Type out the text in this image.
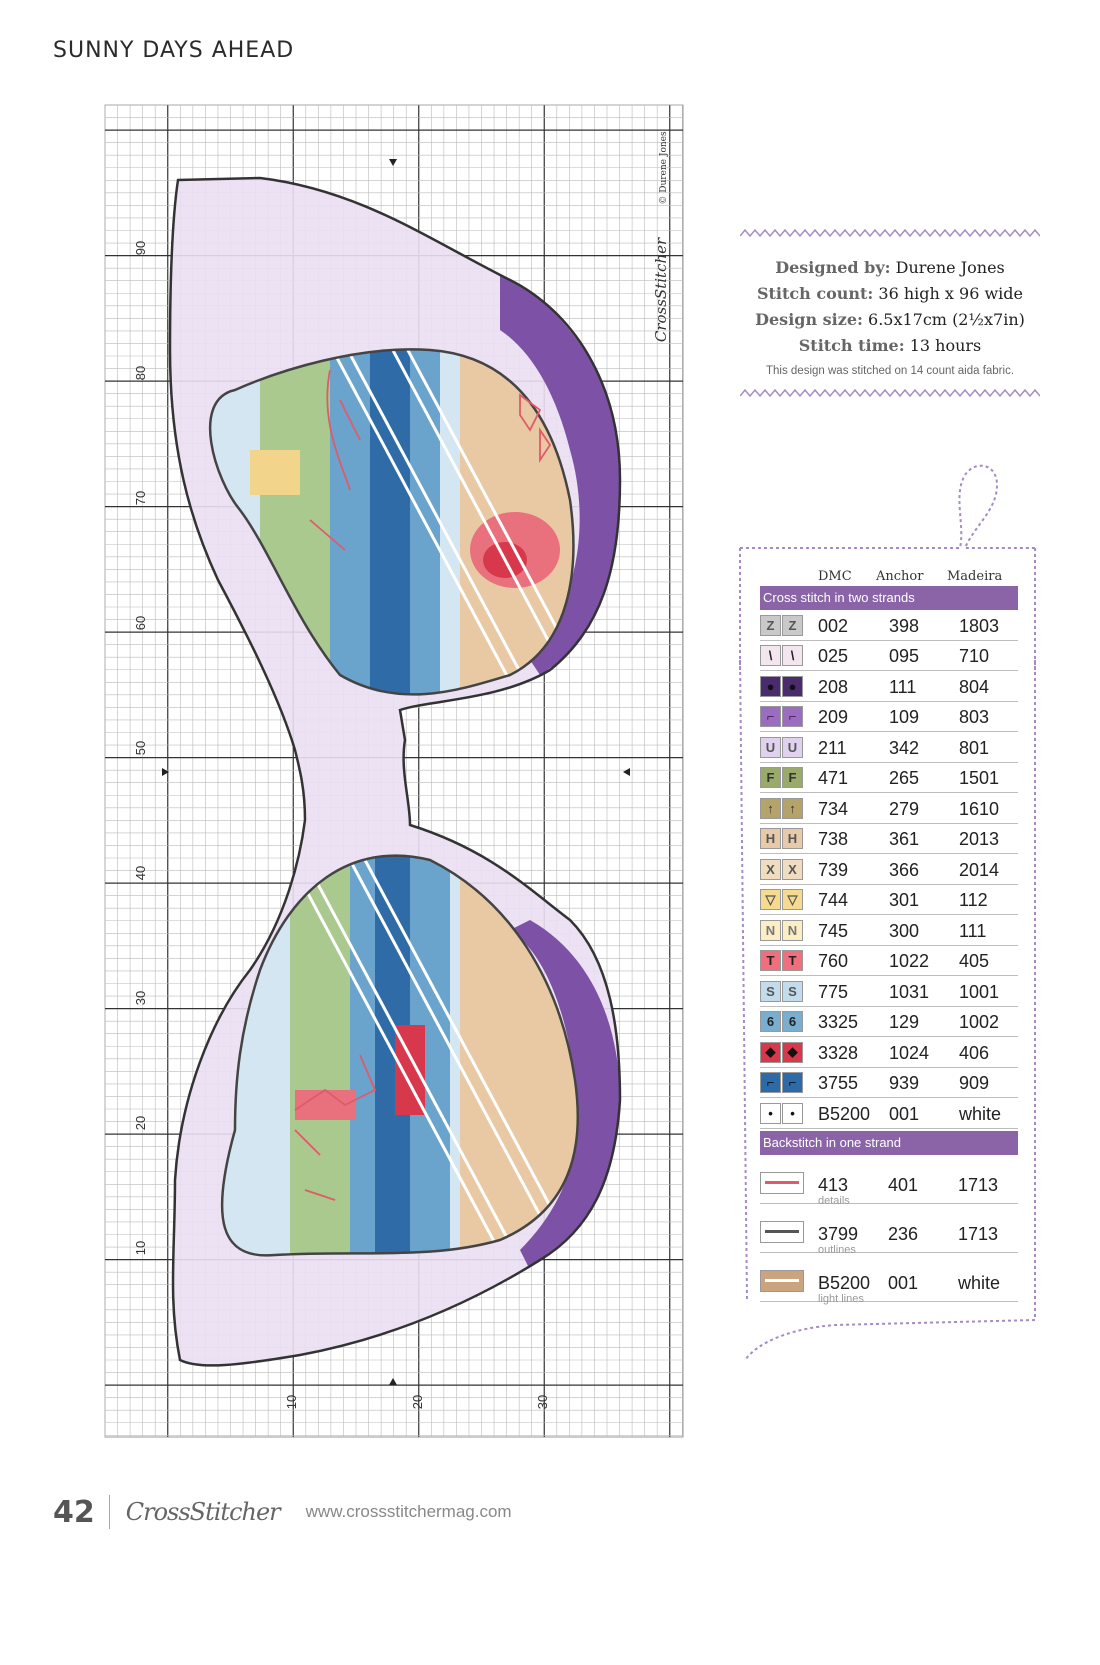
SUNNY DAYS AHEAD
90
80
70
60
50
40
30
20
10
10	20	30
CrossStitcher
© Durene Jones
Designed by: Durene Jones
Stitch count: 36 high x 96 wide
Design size: 6.5x17cm (2½x7in)
Stitch time: 13 hours
This design was stitched on 14 count aida fabric.
DMC	Anchor	Madeira
Cross stitch in two strands
Z	Z	002	398	1803
\	\	025	095	710
●	●	208	111	804
⌐	⌐	209	109	803
U U	211	342	801
F	F	471	265	1501
↑	↑	734	279	1610
H H	738	361	2013
X	X	739	366	2014
▽ ▽	744	301	112
N N	745	300	111
T	T	760	1022	405
S	S	775	1031	1001
6	6	3325	129	1002
◆ ◆	3328	1024	406
⌐	⌐	3755	939	909
•	•	B5200	001	white
Backstitch in one strand
413 401 1713
details
3799 236 1713
outlines
B5200 001 white
light lines
42 CrossStitcher www.crossstitchermag.com
